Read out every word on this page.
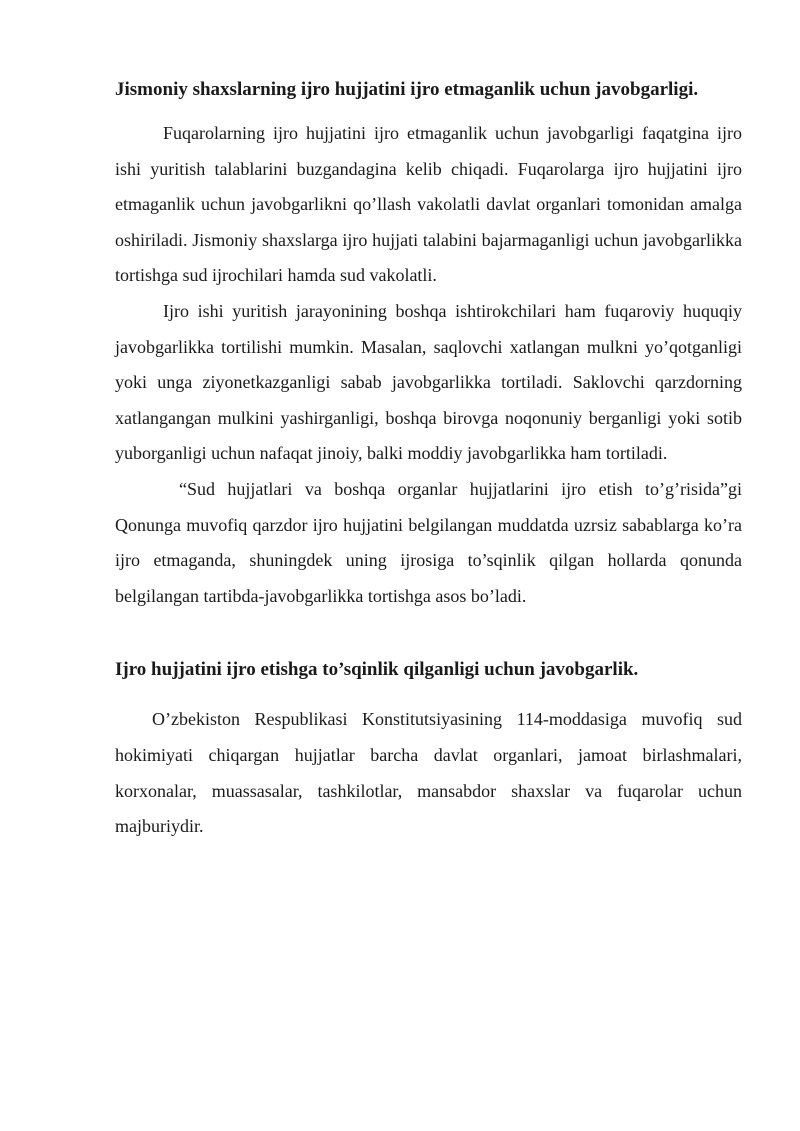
Jismoniy shaxslarning ijro hujjatini ijro etmaganlik uchun javobgarligi.

Fuqarolarning ijro hujjatini ijro etmaganlik uchun javobgarligi faqatgina ijro ishi yuritish talablarini buzgandagina kelib chiqadi. Fuqarolarga ijro hujjatini ijro etmaganlik uchun javobgarlikni qo’llash vakolatli davlat organlari tomonidan amalga oshiriladi. Jismoniy shaxslarga ijro hujjati talabini bajarmaganligi uchun javobgarlikka tortishga sud ijrochilari hamda sud vakolatli.

Ijro ishi yuritish jarayonining boshqa ishtirokchilari ham fuqaroviy huquqiy javobgarlikka tortilishi mumkin. Masalan, saqlovchi xatlangan mulkni yo’qotganligi yoki unga ziyonetkazganligi sabab javobgarlikka tortiladi. Saklovchi qarzdorning xatlangangan mulkini yashirganligi, boshqa birovga noqonuniy berganligi yoki sotib yuborganligi uchun nafaqat jinoiy, balki moddiy javobgarlikka ham tortiladi.

“Sud hujjatlari va boshqa organlar hujjatlarini ijro etish to’g’risida”gi Qonunga muvofiq qarzdor ijro hujjatini belgilangan muddatda uzrsiz sabablarga ko’ra ijro etmaganda, shuningdek uning ijrosiga to’sqinlik qilgan hollarda qonunda belgilangan tartibda-javobgarlikka tortishga asos bo’ladi.

Ijro hujjatini ijro etishga to’sqinlik qilganligi uchun javobgarlik.

O’zbekiston Respublikasi Konstitutsiyasining 114-moddasiga muvofiq sud hokimiyati chiqargan hujjatlar barcha davlat organlari, jamoat birlashmalari, korxonalar, muassasalar, tashkilotlar, mansabdor shaxslar va fuqarolar uchun majburiydir.
